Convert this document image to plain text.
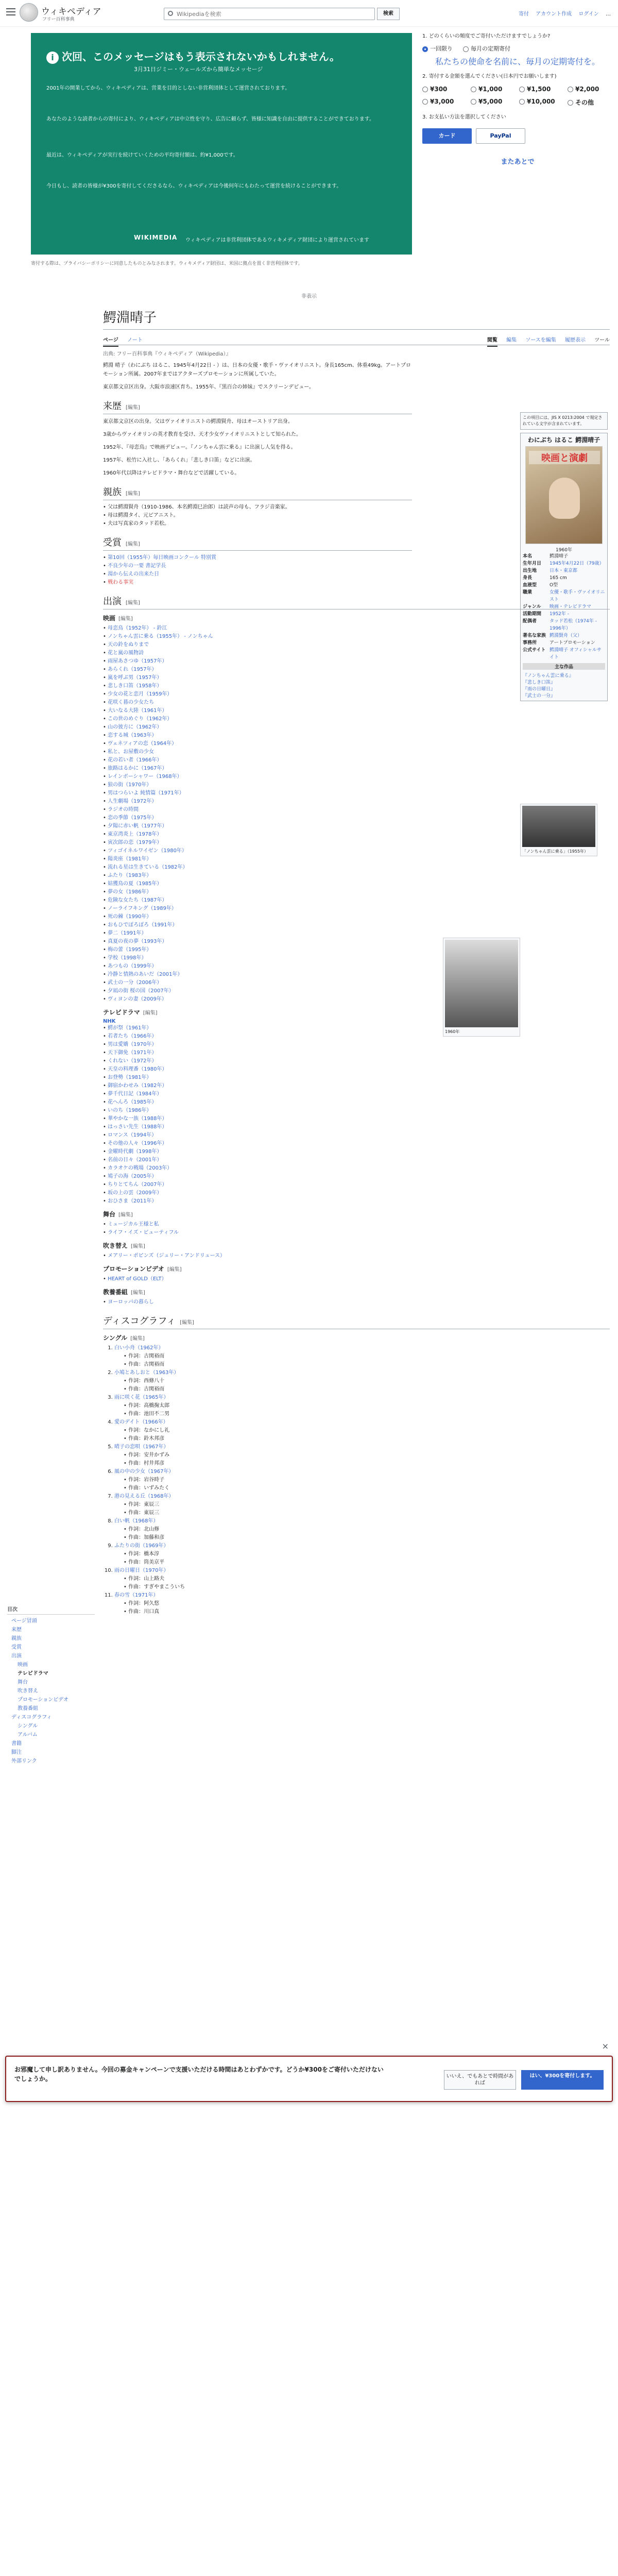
ウィキペディア
フリー百科事典
Wikipediaを検索
検索	寄付 アカウント作成 ログイン …
i 次回、このメッセージはもう表示されないかもしれません。
3月31日ジミー・ウェールズから簡単なメッセージ
2001年の開業してから、ウィキペディアは、営業を目的としない非営利団体として運営されております。
あなたのような読者からの寄付により、ウィキペディアは中立性を守り、広告に頼らず、皆様に知識を自由に提供することができております。
最近は、ウィキペディアが実行を続けていくための平均寄付額は、約¥1,000です。
今日もし、読者の皆様が¥300を寄付してくださるなら、ウィキペディアは今後何年にもわたって運営を続けることができます。
WIKIMEDIA ウィキペディアは非営利団体であるウィキメディア財団により運営されています
1. どのくらいの頻度でご寄付いただけますでしょうか?
一回限り	毎月の定期寄付
私たちの使命を名前に、毎月の定期寄付を。
2. 寄付する金額を選んでください(日本円でお願いします)
¥300	¥1,000	¥1,500	¥2,000
¥3,000	¥5,000	¥10,000	その他
3. お支払い方法を選択してください
カード	PayPal
またあとで
寄付する際は、プライバシーポリシーに同意したものとみなされます。ウィキメディア財団は、米国に拠点を置く非営利団体です。
非表示
この項目には、JIS X 0213:2004 で規定されている文字が含まれています。
わにぶち はるこ 鰐淵晴子
映画と演劇
1960年
本名	鰐淵晴子
生年月日	1945年4月22日（79歳）
出生地	日本・東京都
身長	165 cm
血液型	O型
職業	女優・歌手・ヴァイオリニスト
ジャンル	映画・テレビドラマ
活動期間	1952年 -
配偶者	タッド若松（1974年 - 1996年）
著名な家族 鰐淵賢舟（父）
事務所	アートプロモーション
公式サイト 鰐淵晴子 オフィシャルサイト
主な作品
『ノンちゃん雲に乗る』
『悲しき口笛』
『雨の日曜日』
『武士の一分』
「ノンちゃん雲に乗る」（1955年）
1960年
目次
ページ冒頭
来歴
親族
受賞
出演
映画
テレビドラマ
舞台
吹き替え
プロモーションビデオ
教養番組
ディスコグラフィ
シングル
アルバム
書籍
脚注
外部リンク
鰐淵晴子
ページ ノート	閲覧 編集 ソースを編集 履歴表示 ツール
出典: フリー百科事典『ウィキペディア（Wikipedia）』

鰐淵 晴子（わにぶち はるこ、1945年4月22日 - ）は、日本の女優・歌手・ヴァイオリニスト。身長165cm、体重49kg。アートプロモーション所属。2007年まではアクターズプロモーションに所属していた。

東京都文京区出身。大阪市浪速区育ち。1955年、『黒百合の姉妹』でスクリーンデビュー。

来歴 [編集]

東京都文京区の出身。父はヴァイオリニストの鰐淵賢舟、母はオーストリア出身。

3歳からヴァイオリンの英才教育を受け、天才少女ヴァイオリニストとして知られた。

1952年、『母恋鳥』で映画デビュー。『ノンちゃん雲に乗る』に出演し人気を得る。

1957年、松竹に入社し、「あらくれ」「悲しき口笛」などに出演。

1960年代以降はテレビドラマ・舞台などで活躍している。

親族 [編集]
• 父は鰐淵賢舟（1910-1986、本名鰐淵巳治郎）は読声の母も、フラジ音楽家。
• 母は鰐淵タイ、元ピアニスト。
• 夫は写真家のタッド若松。
受賞 [編集]
• 第10回（1955年）毎日映画コンクール 特別賞
• 不良少年の一要 書記学長
• 湯から伝えの出来た日
• 戦わる事実
出演 [編集]
映画 [編集]
• 母恋鳥（1952年） - 鈴江
• ノンちゃん雲に乗る（1955年） - ノンちゃん
• 天の鈴をぬりまで
• 花と嵐の風物詩
• 雨屋あさつゆ（1957年）
• あらくれ（1957年）
• 嵐を呼ぶ男（1957年）
• 悲しき口笛（1958年）
• 少女の花と恋月（1959年）
• 花咲く暮の少女たち
• 大いなる大陸（1961年）
• この世のめぐり（1962年）
• 山の彼方に（1962年）
• 恋する城（1963年）
• ヴェネツィアの恋（1964年）
• 私と、お屋敷の少女
• 花の若い者（1966年）
• 旅路はるかに（1967年）
• レインボーシャワー（1968年）
• 狼の街（1970年）
• 男はつらいよ 純情篇（1971年）
• 人生劇場（1972年）
• ラジオの時間
• 恋の季節（1975年）
• 夕陽に赤い帆（1977年）
• 東京湾炎上（1978年）
• 寅次郎の恋（1979年）
• ツィゴイネルワイゼン（1980年）
• 陽炎座（1981年）
• 流れる星は生きている（1982年）
• ふたり（1983年）
• 姑獲鳥の夏（1985年）
• 夢の女（1986年）
• 危険な女たち（1987年）
• ノーライフキング（1989年）
• 死の棘（1990年）
• おもひでぽろぽろ（1991年）
• 夢二（1991年）
• 真夏の夜の夢（1993年）
• 梅の蕾（1995年）
• 学校（1998年）
• あつもの（1999年）
• 冷静と情熱のあいだ（2001年）
• 武士の一分（2006年）
• 夕凪の街 桜の国（2007年）
• ヴィヨンの妻（2009年）
テレビドラマ [編集]
NHK
• 鰐が祭（1961年）
• 若者たち（1966年）
• 男は愛嬌（1970年）
• 天下御免（1971年）
• くれない（1972年）
• 天皇の料理番（1980年）
• お登勢（1981年）
• 御宿かわせみ（1982年）
• 夢千代日記（1984年）
• 花へんろ（1985年）
• いのち（1986年）
• 華やかな一族（1988年）
• はっさい先生（1988年）
• ロマンス（1994年）
• その他の人々（1996年）
• 金曜時代劇（1998年）
• 名前の日々（2001年）
• カラオケの戦場（2003年）
• 鳩子の海（2005年）
• ちりとてちん（2007年）
• 坂の上の雲（2009年）
• おひさま（2011年）
舞台 [編集]
• ミュージカル王様と私
• ライフ・イズ・ビューティフル
吹き替え [編集]
• メアリー・ポピンズ（ジュリー・アンドリュース）
プロモーションビデオ [編集]
• HEART of GOLD（ELT）
教養番組 [編集]
• ヨーロッパの暮らし
ディスコグラフィ [編集]
シングル [編集]
1. 白い小舟（1962年）
• 作詞：古関裕而
• 作曲：古関裕而
2. 小鳩とあしおと（1963年）
• 作詞：西條八十
• 作曲：古関裕而
3. 雨に咲く花（1965年）
• 作詞：高橋掬太郎
• 作曲：池田不二男
4. 愛のデイト（1966年）
• 作詞：なかにし礼
• 作曲：鈴木邦彦
5. 晴子の恋唄（1967年）
• 作詞：安井かずみ
• 作曲：村井邦彦
6. 風の中の少女（1967年）
• 作詞：岩谷時子
• 作曲：いずみたく
7. 港の見える丘（1968年）
• 作詞：東辰三
• 作曲：東辰三
8. 白い帆（1968年）
• 作詞：北山修
• 作曲：加藤和彦
9. ふたりの街（1969年）
• 作詞：橋本淳
• 作曲：筒美京平
10. 雨の日曜日（1970年）
• 作詞：山上路夫
• 作曲：すぎやまこういち
11. 春の雪（1971年）
• 作詞：阿久悠
• 作曲：川口真
×
お邪魔して申し訳ありません。今回の募金キャンペーンで支援いただける時間はあとわずかです。どうか¥300をご寄付いただけないでしょうか。	いいえ、でもあとで時間があれば
はい、¥300を寄付します。
